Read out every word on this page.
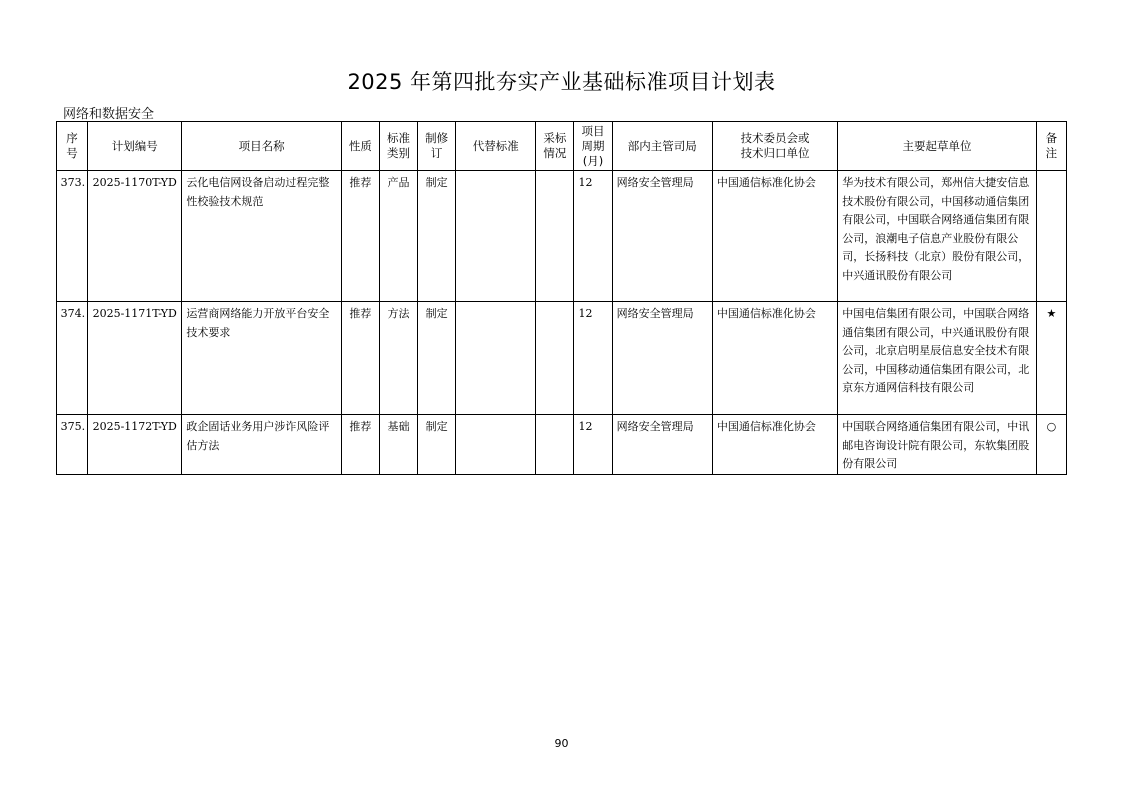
2025 年第四批夯实产业基础标准项目计划表
网络和数据安全
序号	计划编号	项目名称	性质	标准类别	制修订	代替标准	采标情况	项目周期(月)	部内主管司局	技术委员会或技术归口单位	主要起草单位	备注
373.	2025-1170T-YD	云化电信网设备启动过程完整性校验技术规范	推荐	产品	制定			12	网络安全管理局	中国通信标准化协会	华为技术有限公司，郑州信大捷安信息技术股份有限公司，中国移动通信集团有限公司，中国联合网络通信集团有限公司，浪潮电子信息产业股份有限公司，长扬科技（北京）股份有限公司，中兴通讯股份有限公司	
374.	2025-1171T-YD	运营商网络能力开放平台安全技术要求	推荐	方法	制定			12	网络安全管理局	中国通信标准化协会	中国电信集团有限公司，中国联合网络通信集团有限公司，中兴通讯股份有限公司，北京启明星辰信息安全技术有限公司，中国移动通信集团有限公司，北京东方通网信科技有限公司	★
375.	2025-1172T-YD	政企固话业务用户涉诈风险评估方法	推荐	基础	制定			12	网络安全管理局	中国通信标准化协会	中国联合网络通信集团有限公司，中讯邮电咨询设计院有限公司，东软集团股份有限公司	○
90
